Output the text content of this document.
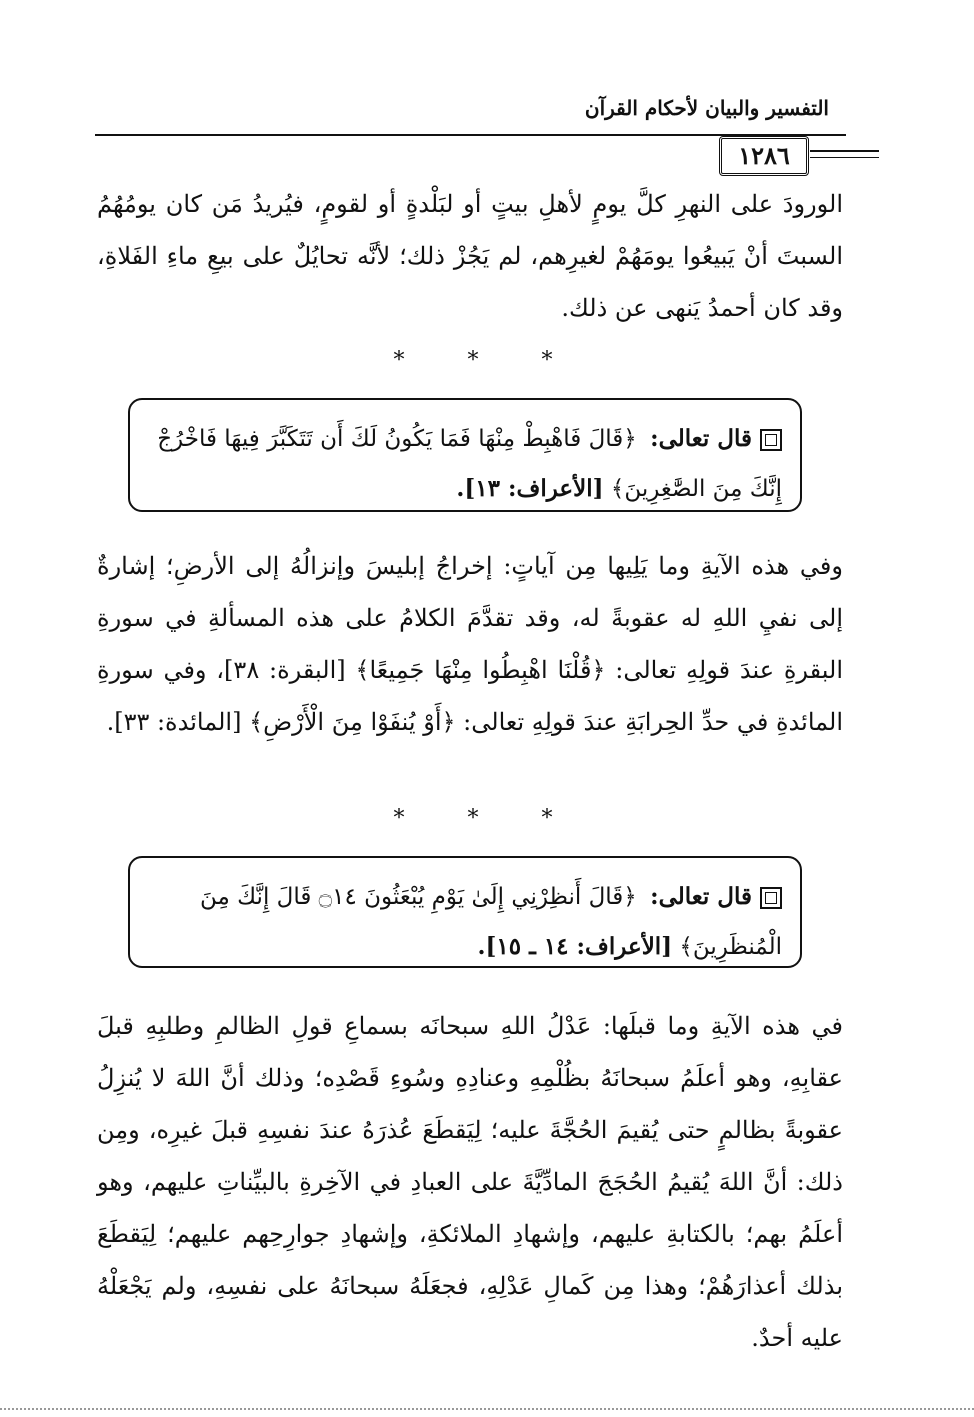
التفسير والبيان لأحكام القرآن
١٢٨٦
الورودَ على النهرِ كلَّ يومٍ لأهلِ بيتٍ أو لبَلْدةٍ أو لقومٍ، فيُريدُ مَن كان يومُهُمُ السبتَ أنْ يَبيعُوا يومَهُمْ لغيرِهم، لم يَجُزْ ذلك؛ لأنَّه تحايُلٌ على بيعِ ماءِ الفَلاةِ، وقد كان أحمدُ يَنهى عن ذلك.
* * *
قال تعالى: ﴿قَالَ فَاهْبِطْ مِنْهَا فَمَا يَكُونُ لَكَ أَن تَتَكَبَّرَ فِيهَا فَاخْرُجْ إِنَّكَ مِنَ الصَّٰغِرِينَ﴾ [الأعراف: ١٣].
وفي هذه الآيةِ وما يَلِيها مِن آياتٍ: إخراجُ إبليسَ وإنزالُهُ إلى الأرضِ؛ إشارةٌ إلى نفيِ اللهِ له عقوبةً له، وقد تقدَّمَ الكلامُ على هذه المسألةِ في سورةِ البقرةِ عندَ قولِهِ تعالى: ﴿قُلْنَا اهْبِطُوا مِنْهَا جَمِيعًا﴾ [البقرة: ٣٨]، وفي سورةِ المائدةِ في حدِّ الحِرابَةِ عندَ قولِهِ تعالى: ﴿أَوْ يُنفَوْا مِنَ الْأَرْضِ﴾ [المائدة: ٣٣].
* * *
قال تعالى: ﴿قَالَ أَنظِرْنِي إِلَىٰ يَوْمِ يُبْعَثُونَ ۝١٤ قَالَ إِنَّكَ مِنَ الْمُنظَرِينَ﴾ [الأعراف: ١٤ ـ ١٥].
في هذه الآيةِ وما قبلَها: عَدْلُ اللهِ سبحانَه بسماعِ قولِ الظالمِ وطلبِهِ قبلَ عقابِهِ، وهو أعلَمُ سبحانَهُ بظُلْمِهِ وعنادِهِ وسُوءِ قَصْدِه؛ وذلك أنَّ اللهَ لا يُنزِلُ عقوبةً بظالمٍ حتى يُقيمَ الحُجَّةَ عليه؛ لِيَقطَعَ عُذرَهُ عندَ نفسِهِ قبلَ غيرِه، ومِن ذلك: أنَّ اللهَ يُقيمُ الحُجَجَ المادِّيَّةَ على العبادِ في الآخِرةِ بالبيِّناتِ عليهم، وهو أعلَمُ بهم؛ بالكتابةِ عليهم، وإشهادِ الملائكةِ، وإشهادِ جوارِحِهم عليهم؛ لِيَقطَعَ بذلك أعذارَهُمْ؛ وهذا مِن كَمالِ عَدْلِهِ، فجعَلَهُ سبحانَهُ على نفسِهِ، ولم يَجْعَلْهُ عليه أحدٌ.
